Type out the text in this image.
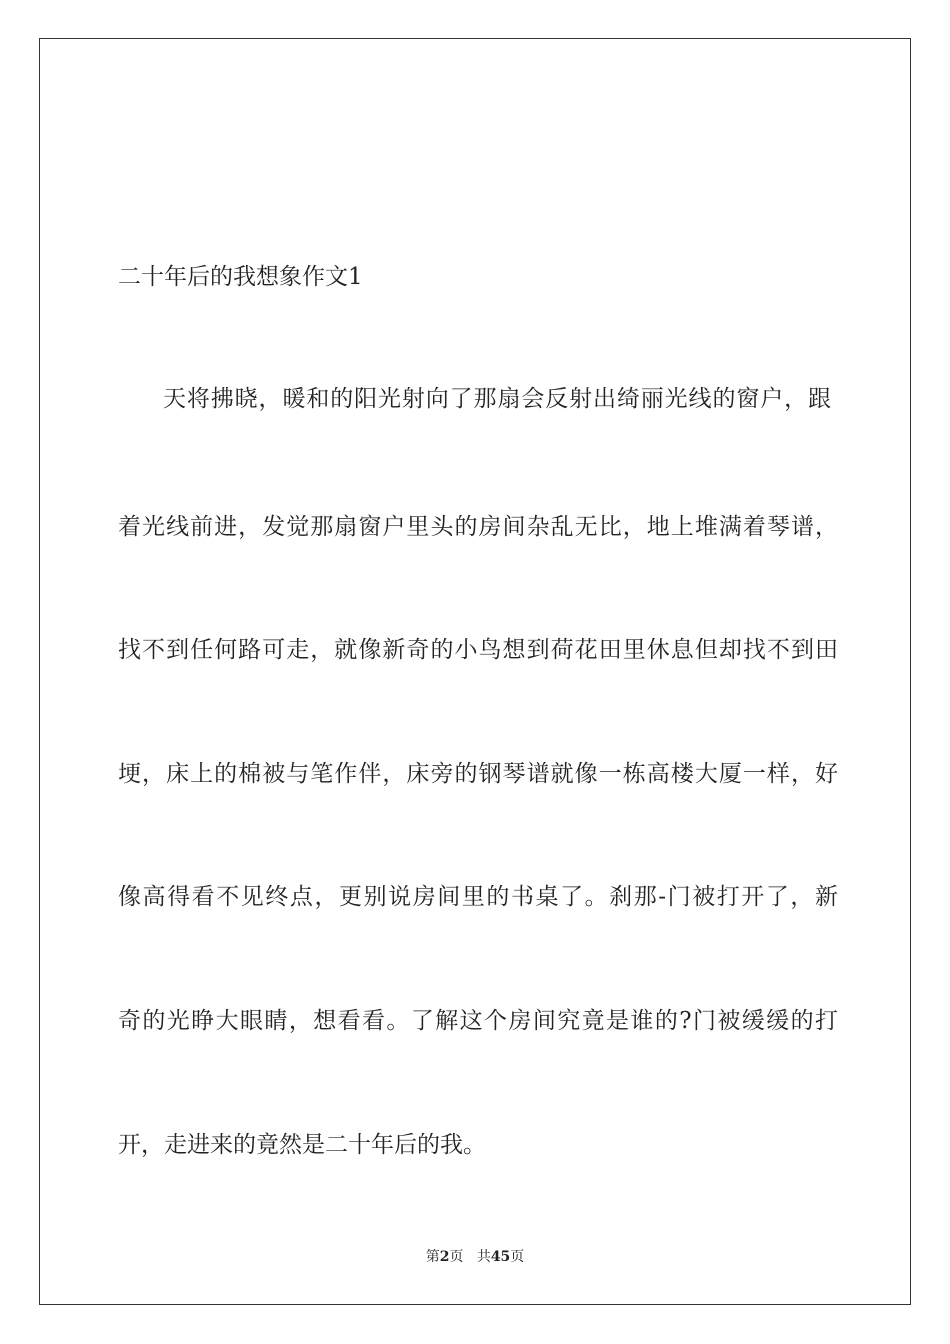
二十年后的我想象作文1
天将拂晓，暖和的阳光射向了那扇会反射出绮丽光线的窗户，跟
着光线前进，发觉那扇窗户里头的房间杂乱无比，地上堆满着琴谱，
找不到任何路可走，就像新奇的小鸟想到荷花田里休息但却找不到田
埂，床上的棉被与笔作伴，床旁的钢琴谱就像一栋高楼大厦一样，好
像高得看不见终点，更别说房间里的书桌了。刹那-门被打开了，新
奇的光睁大眼睛，想看看。了解这个房间究竟是谁的?门被缓缓的打
开，走进来的竟然是二十年后的我。
第2页 共45页
